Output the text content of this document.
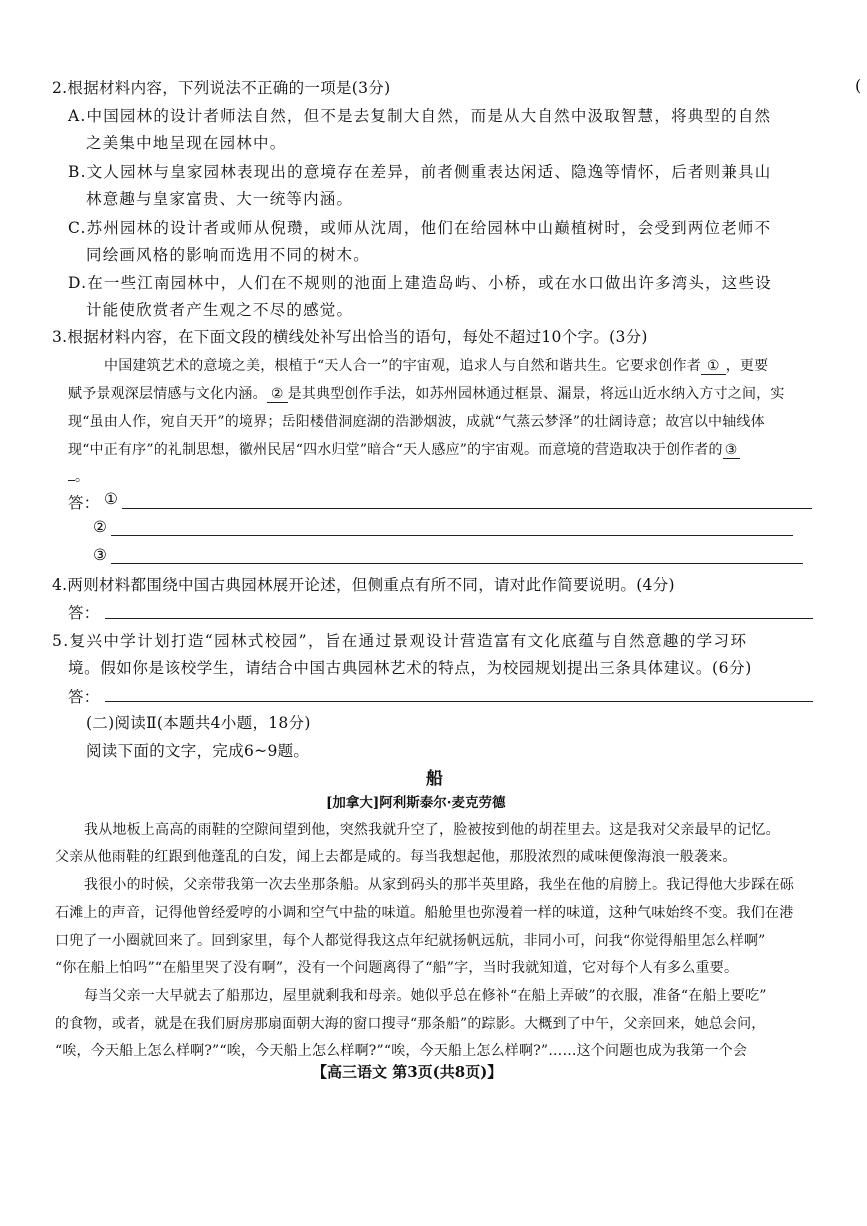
(
2.根据材料内容，下列说法不正确的一项是(3分)
A.中国园林的设计者师法自然，但不是去复制大自然，而是从大自然中汲取智慧，将典型的自然
之美集中地呈现在园林中。
B.文人园林与皇家园林表现出的意境存在差异，前者侧重表达闲适、隐逸等情怀，后者则兼具山
林意趣与皇家富贵、大一统等内涵。
C.苏州园林的设计者或师从倪瓒，或师从沈周，他们在给园林中山巅植树时，会受到两位老师不
同绘画风格的影响而选用不同的树木。
D.在一些江南园林中，人们在不规则的池面上建造岛屿、小桥，或在水口做出许多湾头，这些设
计能使欣赏者产生观之不尽的感觉。
3.根据材料内容，在下面文段的横线处补写出恰当的语句，每处不超过10个字。(3分)
中国建筑艺术的意境之美，根植于“天人合一”的宇宙观，追求人与自然和谐共生。它要求创作者 ① ，更要
赋予景观深层情感与文化内涵。 ② 是其典型创作手法，如苏州园林通过框景、漏景，将远山近水纳入方寸之间，实
现“虽由人作，宛自天开”的境界；岳阳楼借洞庭湖的浩渺烟波，成就“气蒸云梦泽”的壮阔诗意；故宫以中轴线体
现“中正有序”的礼制思想，徽州民居“四水归堂”暗合“天人感应”的宇宙观。而意境的营造取决于创作者的 ③
。
答： ①
②
③
4.两则材料都围绕中国古典园林展开论述，但侧重点有所不同，请对此作简要说明。(4分)
答：
5.复兴中学计划打造“园林式校园”，旨在通过景观设计营造富有文化底蕴与自然意趣的学习环
境。假如你是该校学生，请结合中国古典园林艺术的特点，为校园规划提出三条具体建议。(6分)
答：
(二)阅读Ⅱ(本题共4小题，18分)
阅读下面的文字，完成6~9题。
船
[加拿大]阿利斯泰尔·麦克劳德
我从地板上高高的雨鞋的空隙间望到他，突然我就升空了，脸被按到他的胡茬里去。这是我对父亲最早的记忆。
父亲从他雨鞋的红跟到他蓬乱的白发，闻上去都是咸的。每当我想起他，那股浓烈的咸味便像海浪一般袭来。
我很小的时候，父亲带我第一次去坐那条船。从家到码头的那半英里路，我坐在他的肩膀上。我记得他大步踩在砾
石滩上的声音，记得他曾经爱哼的小调和空气中盐的味道。船舱里也弥漫着一样的味道，这种气味始终不变。我们在港
口兜了一小圈就回来了。回到家里，每个人都觉得我这点年纪就扬帆远航，非同小可，问我“你觉得船里怎么样啊”
“你在船上怕吗”“在船里哭了没有啊”，没有一个问题离得了“船”字，当时我就知道，它对每个人有多么重要。
每当父亲一大早就去了船那边，屋里就剩我和母亲。她似乎总在修补“在船上弄破”的衣服，准备“在船上要吃”
的食物，或者，就是在我们厨房那扇面朝大海的窗口搜寻“那条船”的踪影。大概到了中午，父亲回来，她总会问，
“唉，今天船上怎么样啊?”“唉，今天船上怎么样啊?”“唉，今天船上怎么样啊?”……这个问题也成为我第一个会
【高三语文 第3页(共8页)】
